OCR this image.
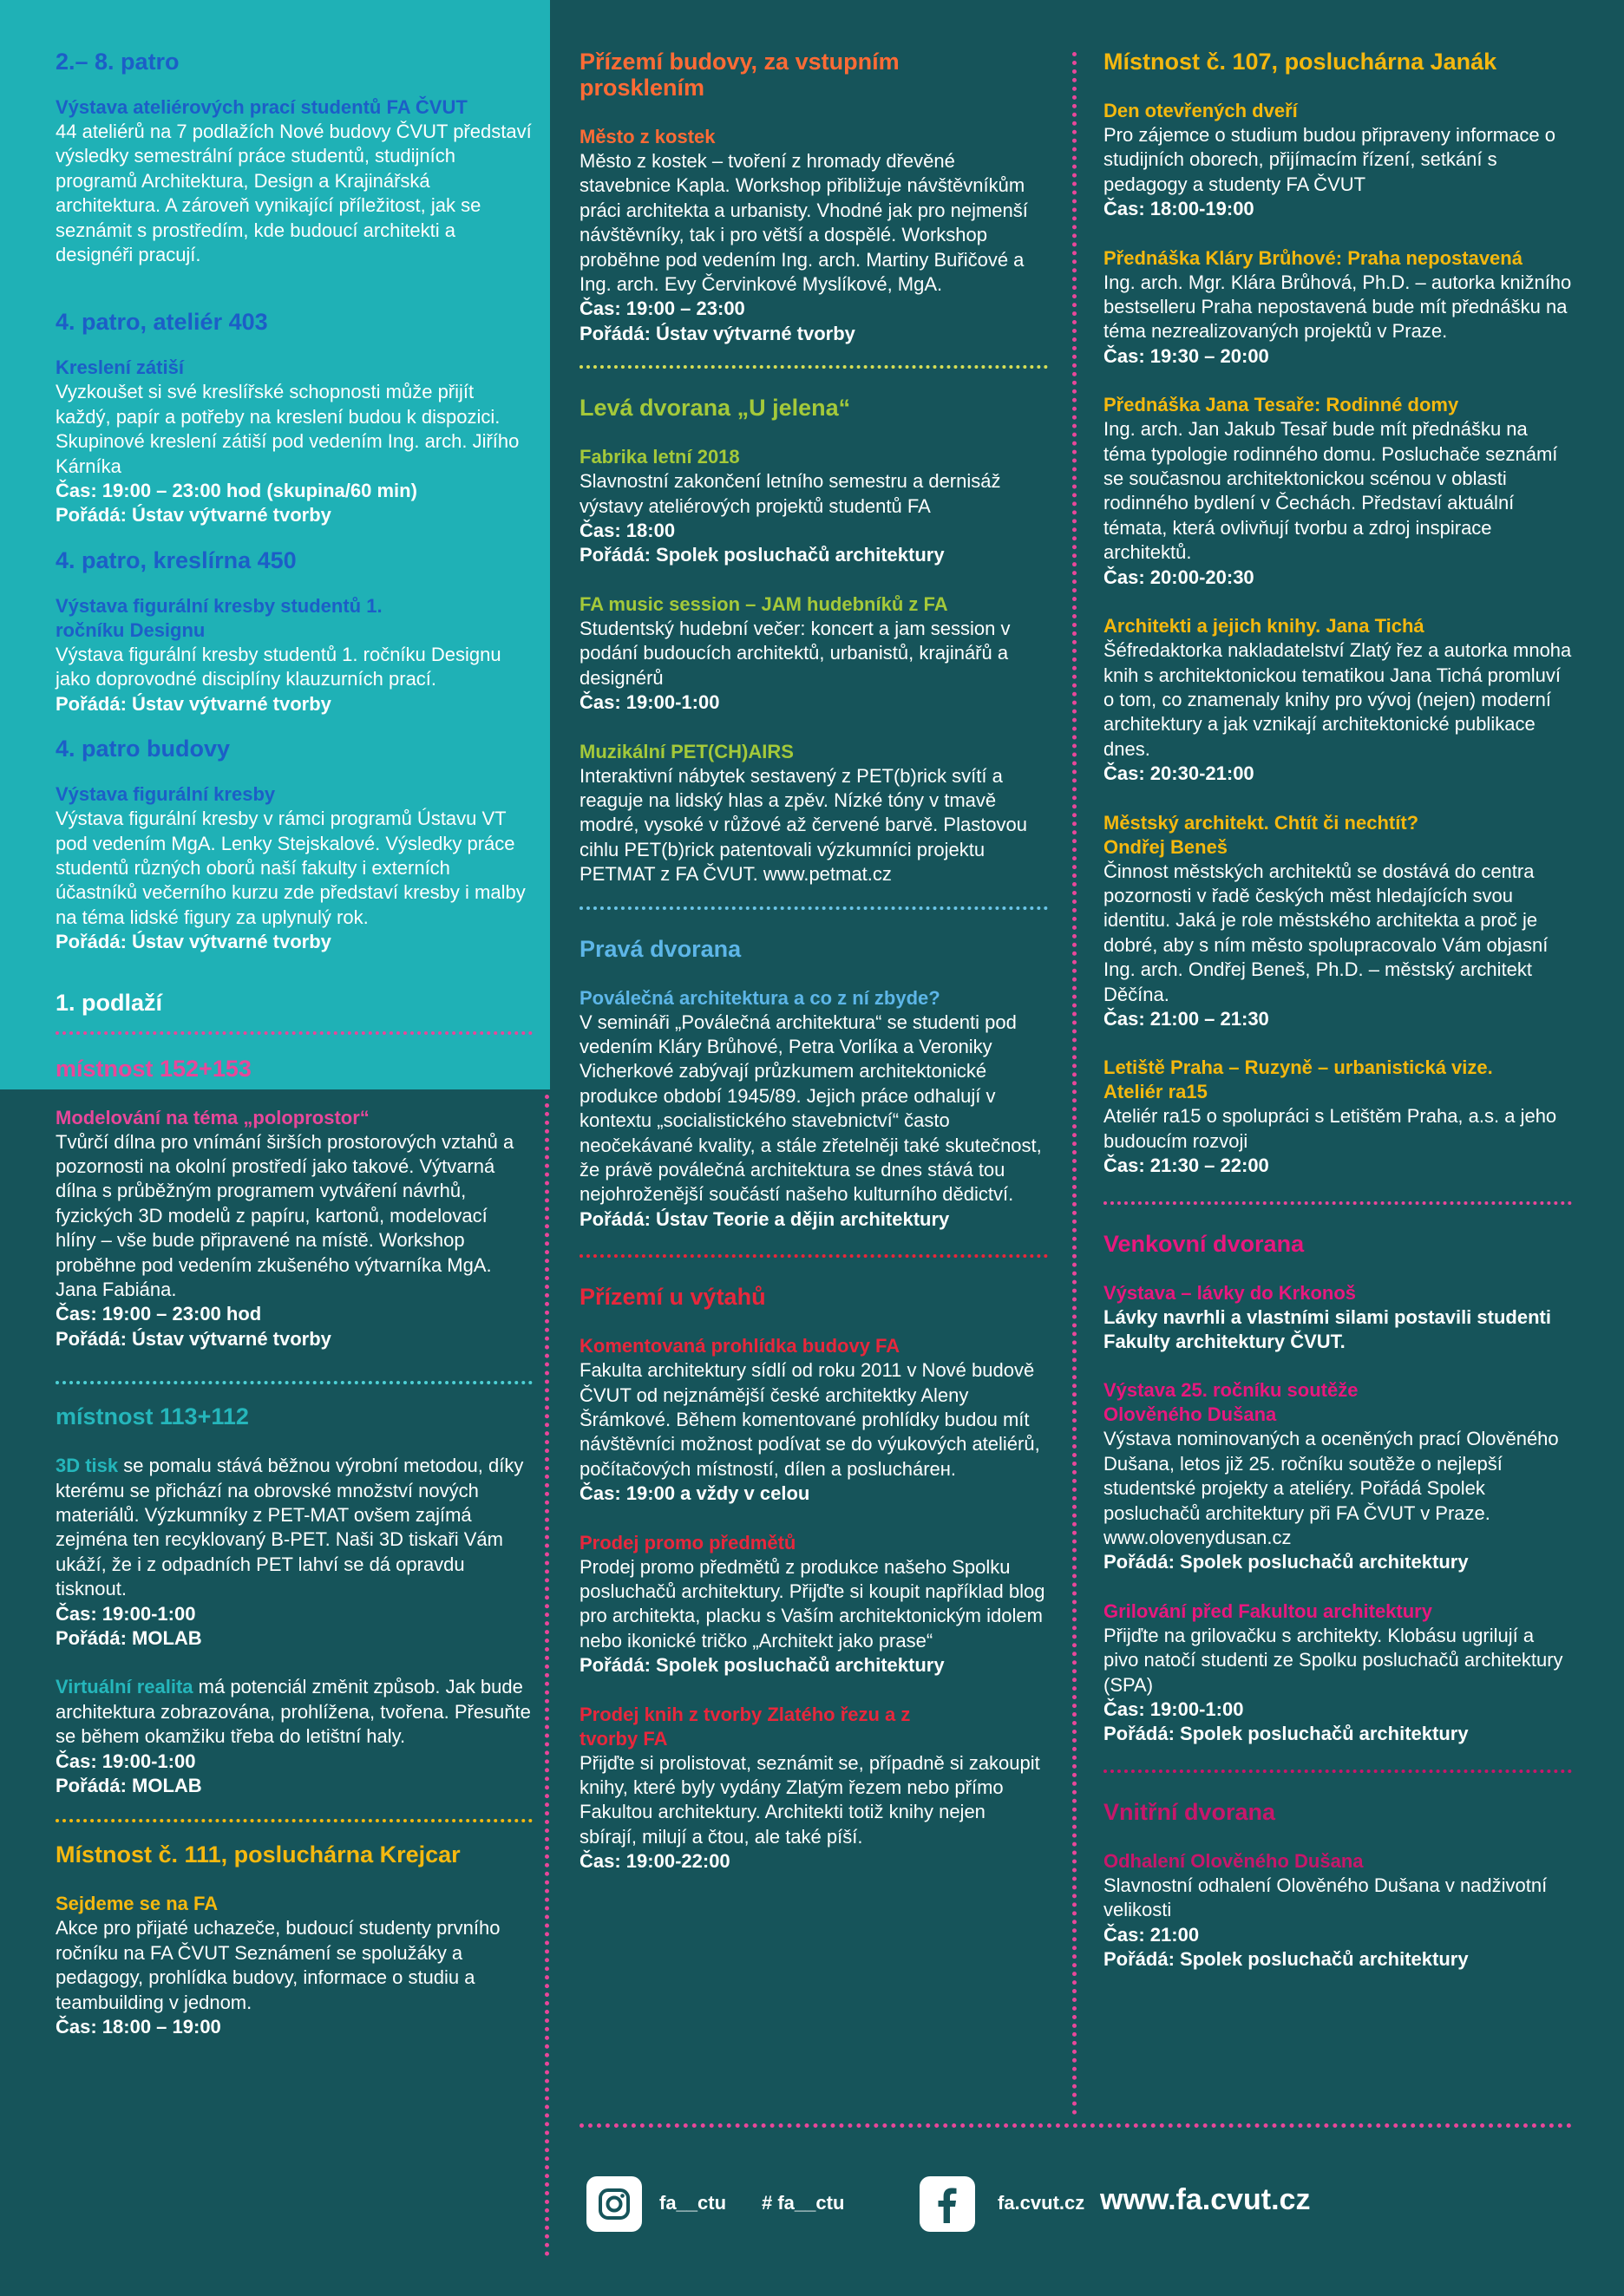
2.– 8. patro
Výstava ateliérových prací studentů FA ČVUT
44 ateliérů na 7 podlažích Nové budovy ČVUT představí výsledky semestrální práce studentů, studijních programů Architektura, Design a Krajinářská architektura. A zároveň vynikající příležitost, jak se seznámit s prostředím, kde budoucí architekti a designéři pracují.
4. patro, ateliér 403
Kreslení zátiší
Vyzkoušet si své kreslířské schopnosti může přijít každý, papír a potřeby na kreslení budou k dispozici. Skupinové kreslení zátiší pod vedením Ing. arch. Jiřího Kárníka
Čas: 19:00 – 23:00 hod (skupina/60 min)
Pořádá: Ústav výtvarné tvorby
4. patro, kreslírna 450
Výstava figurální kresby studentů 1. ročníku Designu
Výstava figurální kresby studentů 1. ročníku Designu jako doprovodné disciplíny klauzurních prací.
Pořádá: Ústav výtvarné tvorby
4. patro budovy
Výstava figurální kresby
Výstava figurální kresby v rámci programů Ústavu VT pod vedením MgA. Lenky Stejskalové. Výsledky práce studentů různých oborů naší fakulty i externích účastníků večerního kurzu zde představí kresby i malby na téma lidské figury za uplynulý rok.
Pořádá: Ústav výtvarné tvorby
1. podlaží
místnost 152+153
Modelování na téma „poloprostor“
Tvůrčí dílna pro vnímání širších prostorových vztahů a pozornosti na okolní prostředí jako takové. Výtvarná dílna s průběžným programem vytváření návrhů, fyzických 3D modelů z papíru, kartonů, modelovací hlíny – vše bude připravené na místě. Workshop proběhne pod vedením zkušeného výtvarníka MgA. Jana Fabiána.
Čas: 19:00 – 23:00 hod
Pořádá: Ústav výtvarné tvorby
místnost 113+112
3D tisk se pomalu stává běžnou výrobní metodou, díky kterému se přichází na obrovské množství nových materiálů. Výzkumníky z PET-MAT ovšem zajímá zejména ten recyklovaný B-PET. Naši 3D tiskaři Vám ukáží, že i z odpadních PET lahví se dá opravdu tisknout.
Čas: 19:00-1:00
Pořádá: MOLAB
Virtuální realita má potenciál změnit způsob. Jak bude architektura zobrazována, prohlížena, tvořena. Přesuňte se během okamžiku třeba do letištní haly.
Čas: 19:00-1:00
Pořádá: MOLAB
Místnost č. 111, posluchárna Krejcar
Sejdeme se na FA
Akce pro přijaté uchazeče, budoucí studenty prvního ročníku na FA ČVUT Seznámení se spolužáky a pedagogy, prohlídka budovy, informace o studiu a teambuilding v jednom.
Čas: 18:00 – 19:00
Přízemí budovy, za vstupním prosklením
Město z kostek
Město z kostek – tvoření z hromady dřevěné stavebnice Kapla. Workshop přibližuje návštěvníkům práci architekta a urbanisty. Vhodné jak pro nejmenší návštěvníky, tak i pro větší a dospělé. Workshop proběhne pod vedením Ing. arch. Martiny Buřičové a Ing. arch. Evy Červinkové Myslíkové, MgA.
Čas: 19:00 – 23:00
Pořádá: Ústav výtvarné tvorby
Levá dvorana „U jelena“
Fabrika letní 2018
Slavnostní zakončení letního semestru a dernisáž výstavy ateliérových projektů studentů FA
Čas: 18:00
Pořádá: Spolek posluchačů architektury
FA music session – JAM hudebníků z FA
Studentský hudební večer: koncert a jam session v podání budoucích architektů, urbanistů, krajinářů a designérů
Čas: 19:00-1:00
Muzikální PET(CH)AIRS
Interaktivní nábytek sestavený z PET(b)rick svítí a reaguje na lidský hlas a zpěv. Nízké tóny v tmavě modré, vysoké v růžové až červené barvě. Plastovou cihlu PET(b)rick patentovali výzkumníci projektu PETMAT z FA ČVUT. www.petmat.cz
Pravá dvorana
Poválečná architektura a co z ní zbyde?
V semináři „Poválečná architektura“ se studenti pod vedením Kláry Brůhové, Petra Vorlíka a Veroniky Vicherkové zabývají průzkumem architektonické produkce období 1945/89. Jejich práce odhalují v kontextu „socialistického stavebnictví“ často neočekávané kvality, a stále zřetelněji také skutečnost, že právě poválečná architektura se dnes stává tou nejohroženější součástí našeho kulturního dědictví.
Pořádá: Ústav Teorie a dějin architektury
Přízemí u výtahů
Komentovaná prohlídka budovy FA
Fakulta architektury sídlí od roku 2011 v Nové budově ČVUT od nejznámější české architektky Aleny Šrámkové. Během komentované prohlídky budou mít návštěvníci možnost podívat se do výukových ateliérů, počítačových místností, dílen a posluchárен.
Čas: 19:00 a vždy v celou
Prodej promo předmětů
Prodej promo předmětů z produkce našeho Spolku posluchačů architektury. Přijďte si koupit například blog pro architekta, placku s Vaším architektonickým idolem nebo ikonické tričko „Architekt jako prase“
Pořádá: Spolek posluchačů architektury
Prodej knih z tvorby Zlatého řezu a z tvorby FA
Přijďte si prolistovat, seznámit se, případně si zakoupit knihy, které byly vydány Zlatým řezem nebo přímo Fakultou architektury. Architekti totiž knihy nejen sbírají, milují a čtou, ale také píší.
Čas: 19:00-22:00
Místnost č. 107, posluchárna Janák
Den otevřených dveří
Pro zájemce o studium budou připraveny informace o studijních oborech, přijímacím řízení, setkání s pedagogy a studenty FA ČVUT
Čas: 18:00-19:00
Přednáška Kláry Brůhové: Praha nepostavená
Ing. arch. Mgr. Klára Brůhová, Ph.D. – autorka knižního bestselleru Praha nepostavená bude mít přednášku na téma nezrealizovaných projektů v Praze.
Čas: 19:30 – 20:00
Přednáška Jana Tesaře: Rodinné domy
Ing. arch. Jan Jakub Tesař bude mít přednášku na téma typologie rodinného domu. Posluchače seznámí se současnou architektonickou scénou v oblasti rodinného bydlení v Čechách. Představí aktuální témata, která ovlivňují tvorbu a zdroj inspirace architektů.
Čas: 20:00-20:30
Architekti a jejich knihy. Jana Tichá
Šéfredaktorka nakladatelství Zlatý řez a autorka mnoha knih s architektonickou tematikou Jana Tichá promluví o tom, co znamenaly knihy pro vývoj (nejen) moderní architektury a jak vznikají architektonické publikace dnes.
Čas: 20:30-21:00
Městský architekt. Chtít či nechtít? Ondřej Beneš
Činnost městských architektů se dostává do centra pozornosti v řadě českých měst hledajících svou identitu. Jaká je role městského architekta a proč je dobré, aby s ním město spolupracovalo Vám objasní Ing. arch. Ondřej Beneš, Ph.D. – městský architekt Děčína.
Čas: 21:00 – 21:30
Letiště Praha – Ruzyně – urbanistická vize. Ateliér ra15
Ateliér ra15 o spolupráci s Letištěm Praha, a.s. a jeho budoucím rozvoji
Čas: 21:30 – 22:00
Venkovní dvorana
Výstava – lávky do Krkonoš
Lávky navrhli a vlastními silami postavili studenti Fakulty architektury ČVUT.
Výstava 25. ročníku soutěže Olověného Dušana
Výstava nominovaných a oceněných prací Olověného Dušana, letos již 25. ročníku soutěže o nejlepší studentské projekty a ateliéry. Pořádá Spolek posluchačů architektury při FA ČVUT v Praze. www.olovenydusan.cz
Pořádá: Spolek posluchačů architektury
Grilování před Fakultou architektury
Přijďte na grilovačku s architekty. Klobásu ugrilují a pivo natočí studenti ze Spolku posluchačů architektury (SPA)
Čas: 19:00-1:00
Pořádá: Spolek posluchačů architektury
Vnitřní dvorana
Odhalení Olověného Dušana
Slavnostní odhalení Olověného Dušana v nadživotní velikosti
Čas: 21:00
Pořádá: Spolek posluchačů architektury
fa__ctu # fa__ctu	fa.cvut.cz www.fa.cvut.cz
